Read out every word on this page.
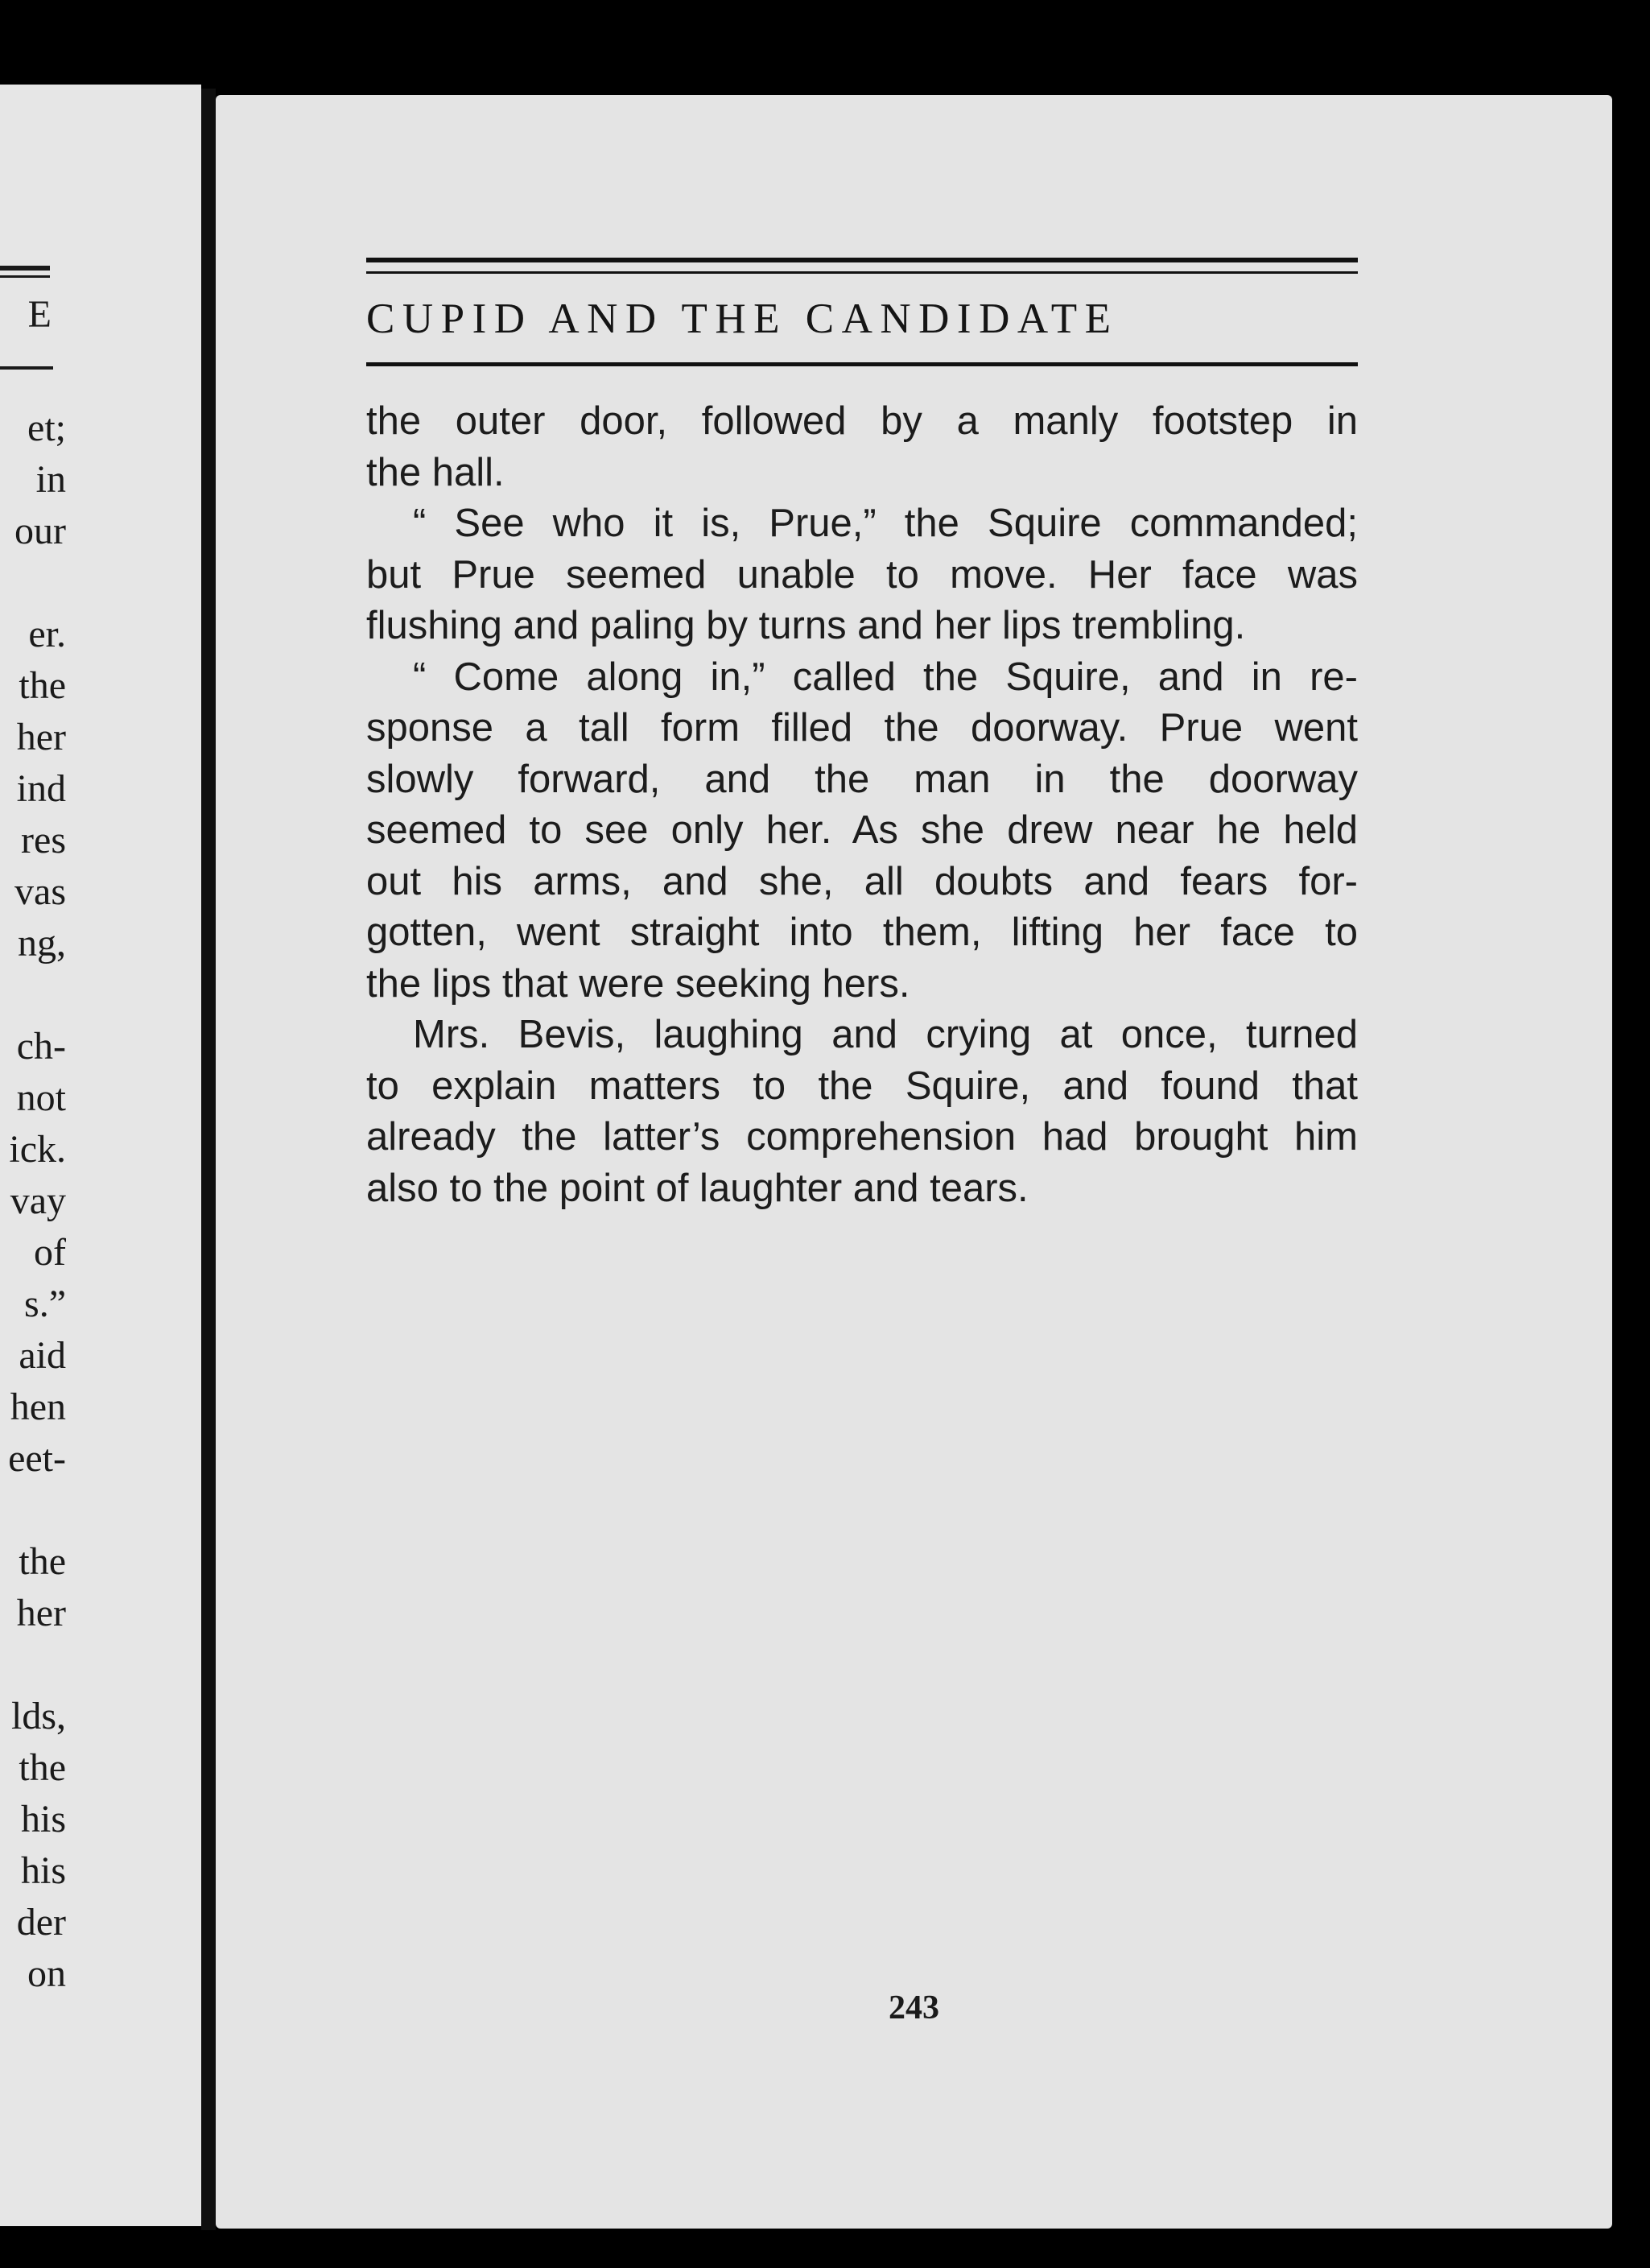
E
et;
in
our
er.
the
her
ind
res
vas
ng,
ch-
not
ick.
vay
of
s.”
aid
hen
eet-
the
her
lds,
the
his
his
der
on
CUPID AND THE CANDIDATE
the outer door, followed by a manly footstep in
the hall.
“ See who it is, Prue,” the Squire commanded;
but Prue seemed unable to move. Her face was
flushing and paling by turns and her lips trembling.
“ Come along in,” called the Squire, and in re-
sponse a tall form filled the doorway. Prue went
slowly forward, and the man in the doorway
seemed to see only her. As she drew near he held
out his arms, and she, all doubts and fears for-
gotten, went straight into them, lifting her face to
the lips that were seeking hers.
Mrs. Bevis, laughing and crying at once, turned
to explain matters to the Squire, and found that
already the latter’s comprehension had brought him
also to the point of laughter and tears.
243
